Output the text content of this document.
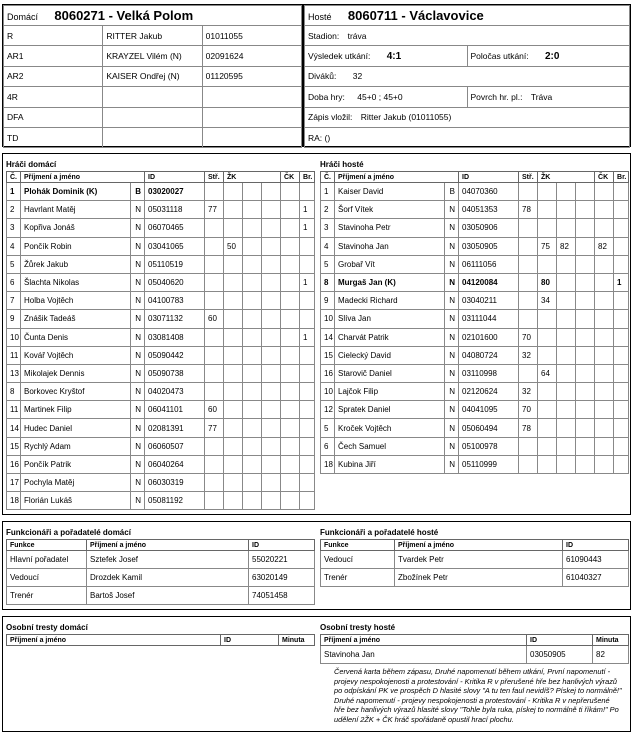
Domácí 8060271 - Velká Polom		
R	RITTER Jakub	01011055
AR1	KRAYZEL Vilém (N)	02091624
AR2	KAISER Ondřej (N)	01120595
4R		
DFA		
TD		
Hosté 8060711 - Václavovice	
Stadion: tráva	
Výsledek utkání: 4:1	Poločas utkání: 2:0
Diváků: 32	
Doba hry: 45+0 ; 45+0	Povrch hr. pl.: Tráva
Zápis vložil: Ritter Jakub (01011055)	
RA: ()	
Hráči domácí	Hráči hosté
Č.	Příjmení a jméno		ID	Stř.	ŽK			ČK	Br.
1	Plohák Dominik (K)	B	03020027						
2	Havrlant Matěj	N	05031118	77					1
3	Kopřiva Jonáš	N	06070465						1
4	Pončík Robin	N	03041065		50				
5	Žůrek Jakub	N	05110519						
6	Šlachta Nikolas	N	05040620						1
7	Holba Vojtěch	N	04100783						
9	Znášik Tadeáš	N	03071132	60					
10	Čunta Denis	N	03081408						1
11	Kovář Vojtěch	N	05090442						
13	Mikolajek Dennis	N	05090738						
8	Borkovec Kryštof	N	04020473						
11	Martinek Filip	N	06041101	60					
14	Hudec Daniel	N	02081391	77					
15	Rychlý Adam	N	06060507						
16	Pončík Patrik	N	06040264						
17	Pochyla Matěj	N	06030319						
18	Florián Lukáš	N	05081192						
Č.	Příjmení a jméno		ID	Stř.	ŽK			ČK	Br.
1	Kaiser David	B	04070360						
2	Šorf Vítek	N	04051353	78					
3	Stavinoha Petr	N	03050906						
4	Stavinoha Jan	N	03050905		75	82		82	
5	Grobař Vít	N	06111056						
8	Murgaš Jan (K)	N	04120084		80				1
9	Madecki Richard	N	03040211		34				
10	Slíva Jan	N	03111044						
14	Charvát Patrik	N	02101600	70					
15	Cielecký David	N	04080724	32					
16	Starovič Daniel	N	03110998		64				
10	Lajčok Filip	N	02120624	32					
12	Spratek Daniel	N	04041095	70					
5	Kroček Vojtěch	N	05060494	78					
6	Čech Samuel	N	05100978						
18	Kubina Jiří	N	05110999						
Funkcionáři a pořadatelé domácí	Funkcionáři a pořadatelé hosté
Funkce	Příjmení a jméno	ID
Hlavní pořadatel	Sztefek Josef	55020221
Vedoucí	Drozdek Kamil	63020149
Trenér	Bartoš Josef	74051458
Funkce	Příjmení a jméno	ID
Vedoucí	Tvardek Petr	61090443
Trenér	Zbožínek Petr	61040327
Osobní tresty domácí	Osobní tresty hosté
Příjmení a jméno	ID	Minuta	Příjmení a jméno	ID	Minuta
Stavinoha Jan	03050905	82
Červená karta během zápasu, Druhé napomenutí během utkání, První napomenutí - projevy nespokojenosti a protestování - Kritika R v přerušené hře bez hanlivých výrazů po odpískání PK ve prospěch D hlasité slovy "A tu ten faul nevidíš? Pískej to normálně!" Druhé napomenutí - projevy nespokojenosti a protestování - Kritika R v nepřerušené hře bez hanlivých výrazů hlasité slovy "Tohle byla ruka, pískej to normálně ti říkám!" Po udělení 2ŽK + ČK hráč spořádaně opustil hrací plochu.
